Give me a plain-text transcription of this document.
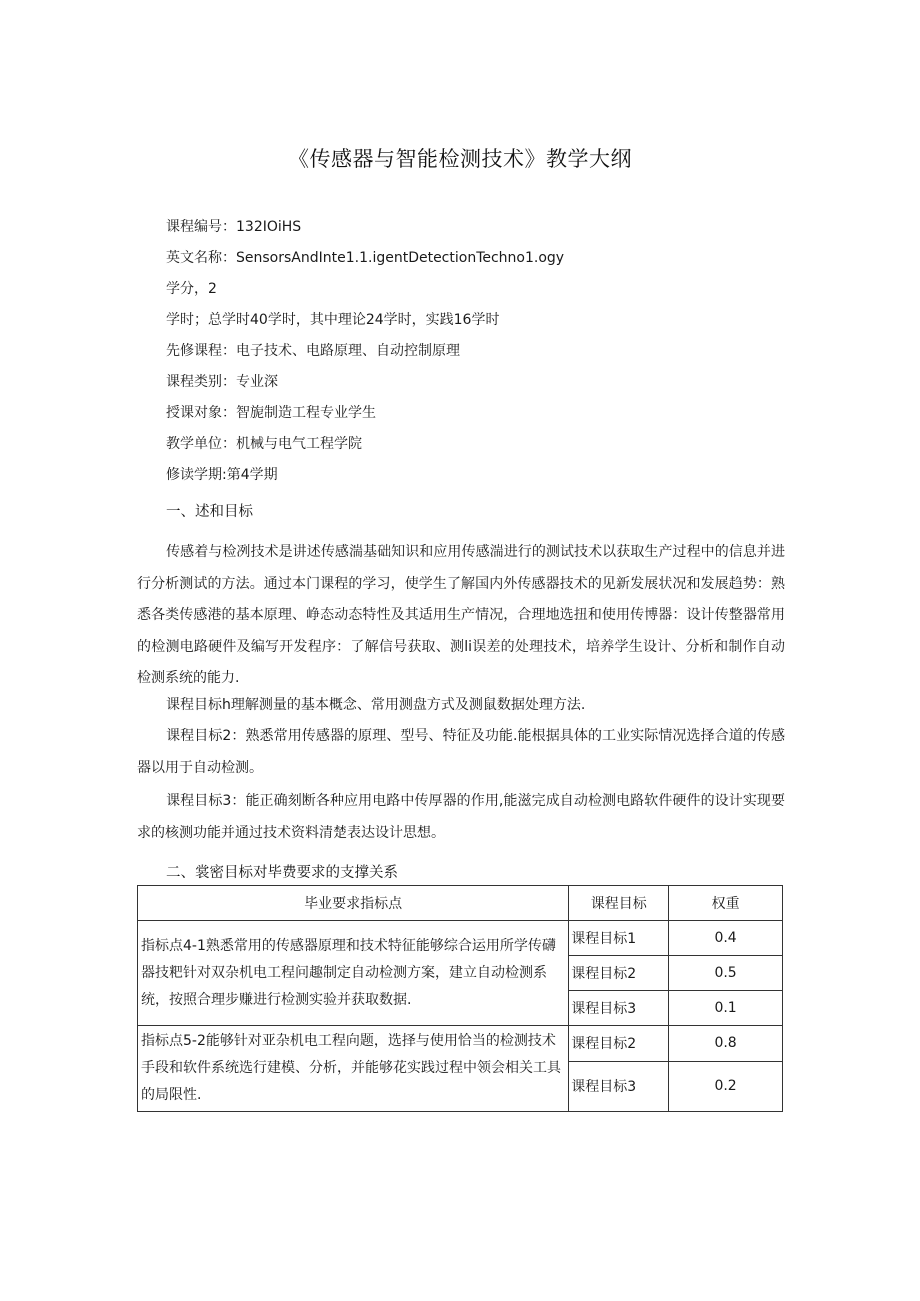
《传感器与智能检测技术》教学大纲
课程编号：132IOiHS
英文名称：SensorsAndInte1.1.igentDetectionTechno1.ogy
学分，2
学时；总学时40学时，其中理论24学时，实践16学时
先修课程：电子技术、电路原理、自动控制原理
课程类别：专业深
授课对象：智旎制造工程专业学生
教学单位：机械与电气工程学院
修读学期:第4学期
一、述和目标
传感着与检冽技术是讲述传感湍基础知识和应用传感湍进行的测试技术以获取生产过程中的信息并进行分析测试的方法。通过本门课程的学习，使学生了解国内外传感器技术的见新发展状况和发展趋势：熟悉各类传感港的基本原理、峥态动态特性及其适用生产情况，合理地选扭和使用传博器：设计传整器常用的检测电路硬件及编写开发程序：了解信号获取、测li误差的处理技术，培养学生设计、分析和制作自动检测系统的能力.
课程目标h理解测量的基本概念、常用测盘方式及测鼠数据处理方法.
课程目标2：熟悉常用传感器的原理、型号、特征及功能.能根据具体的工业实际情况选择合道的传感器以用于自动检测。
课程目标3：能正确刻断各种应用电路中传厚器的作用,能滋完成自动检测电路软件硬件的设计实现要求的核测功能并通过技术资料清楚表达设计思想。
二、裳密目标对毕费要求的支撑关系
毕业要求指标点	课程目标	权重
指标点4-1熟悉常用的传感器原理和技术特征能够综合运用所学传礴器技粑针对双杂机电工程问趣制定自动检测方案，建立自动检测系统，按照合理步赚进行检测实验并获取数据.	课程目标1	0.4
	课程目标2	0.5
	课程目标3	0.1
指标点5-2能够针对亚杂机电工程向题，选择与使用恰当的检测技术手段和软件系统选行建模、分析，并能够花实践过程中领会相关工具的局限性.	课程目标2	0.8
	课程目标3	0.2
